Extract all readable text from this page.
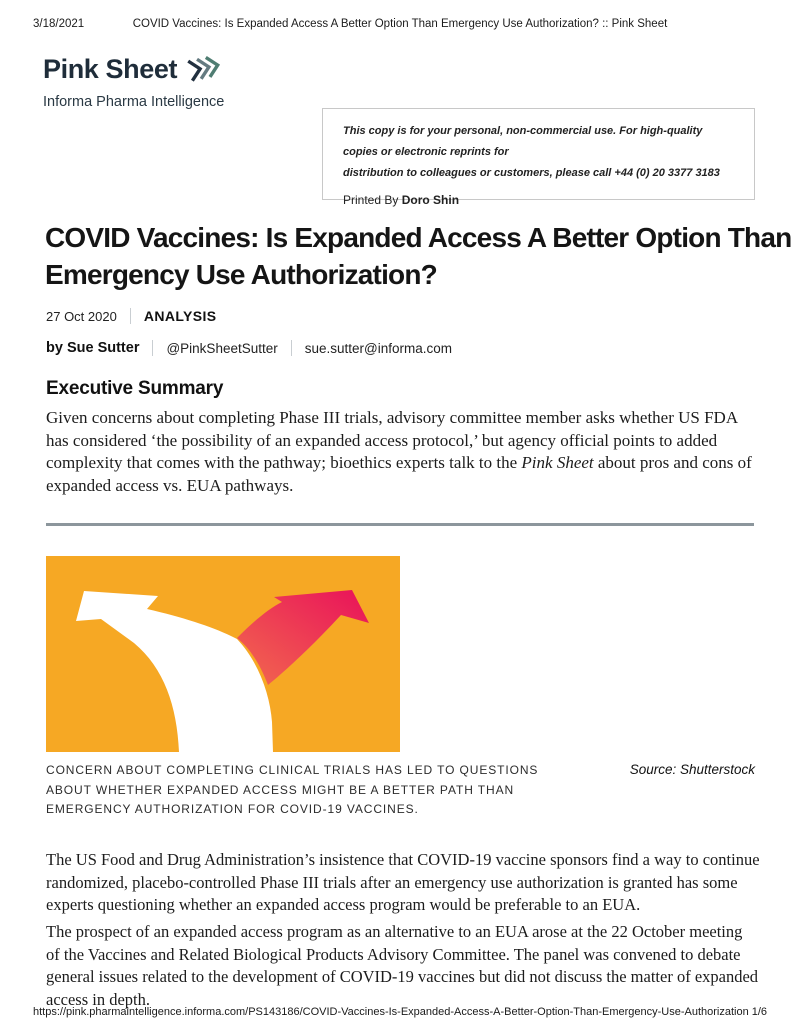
3/18/2021	COVID Vaccines: Is Expanded Access A Better Option Than Emergency Use Authorization? :: Pink Sheet
Pink Sheet
Informa Pharma Intelligence
This copy is for your personal, non-commercial use. For high-quality copies or electronic reprints for
distribution to colleagues or customers, please call +44 (0) 20 3377 3183
Printed By Doro Shin
COVID Vaccines: Is Expanded Access A Better Option Than Emergency Use Authorization?
27 Oct 2020 ANALYSIS
by Sue Sutter @PinkSheetSutter sue.sutter@informa.com
Executive Summary

Given concerns about completing Phase III trials, advisory committee member asks whether US FDA has considered ‘the possibility of an expanded access protocol,’ but agency official points to added complexity that comes with the pathway; bioethics experts talk to the Pink Sheet about pros and cons of expanded access vs. EUA pathways.

CONCERN ABOUT COMPLETING CLINICAL TRIALS HAS LED TO QUESTIONS ABOUT WHETHER EXPANDED ACCESS MIGHT BE A BETTER PATH THAN EMERGENCY AUTHORIZATION FOR COVID-19 VACCINES.
Source: Shutterstock

The US Food and Drug Administration’s insistence that COVID-19 vaccine sponsors find a way to continue randomized, placebo-controlled Phase III trials after an emergency use authorization is granted has some experts questioning whether an expanded access program would be preferable to an EUA.

The prospect of an expanded access program as an alternative to an EUA arose at the 22 October meeting of the Vaccines and Related Biological Products Advisory Committee. The panel was convened to debate general issues related to the development of COVID-19 vaccines but did not discuss the matter of expanded access in depth.

https://pink.pharmaintelligence.informa.com/PS143186/COVID-Vaccines-Is-Expanded-Access-A-Better-Option-Than-Emergency-Use-Authorization 1/6
